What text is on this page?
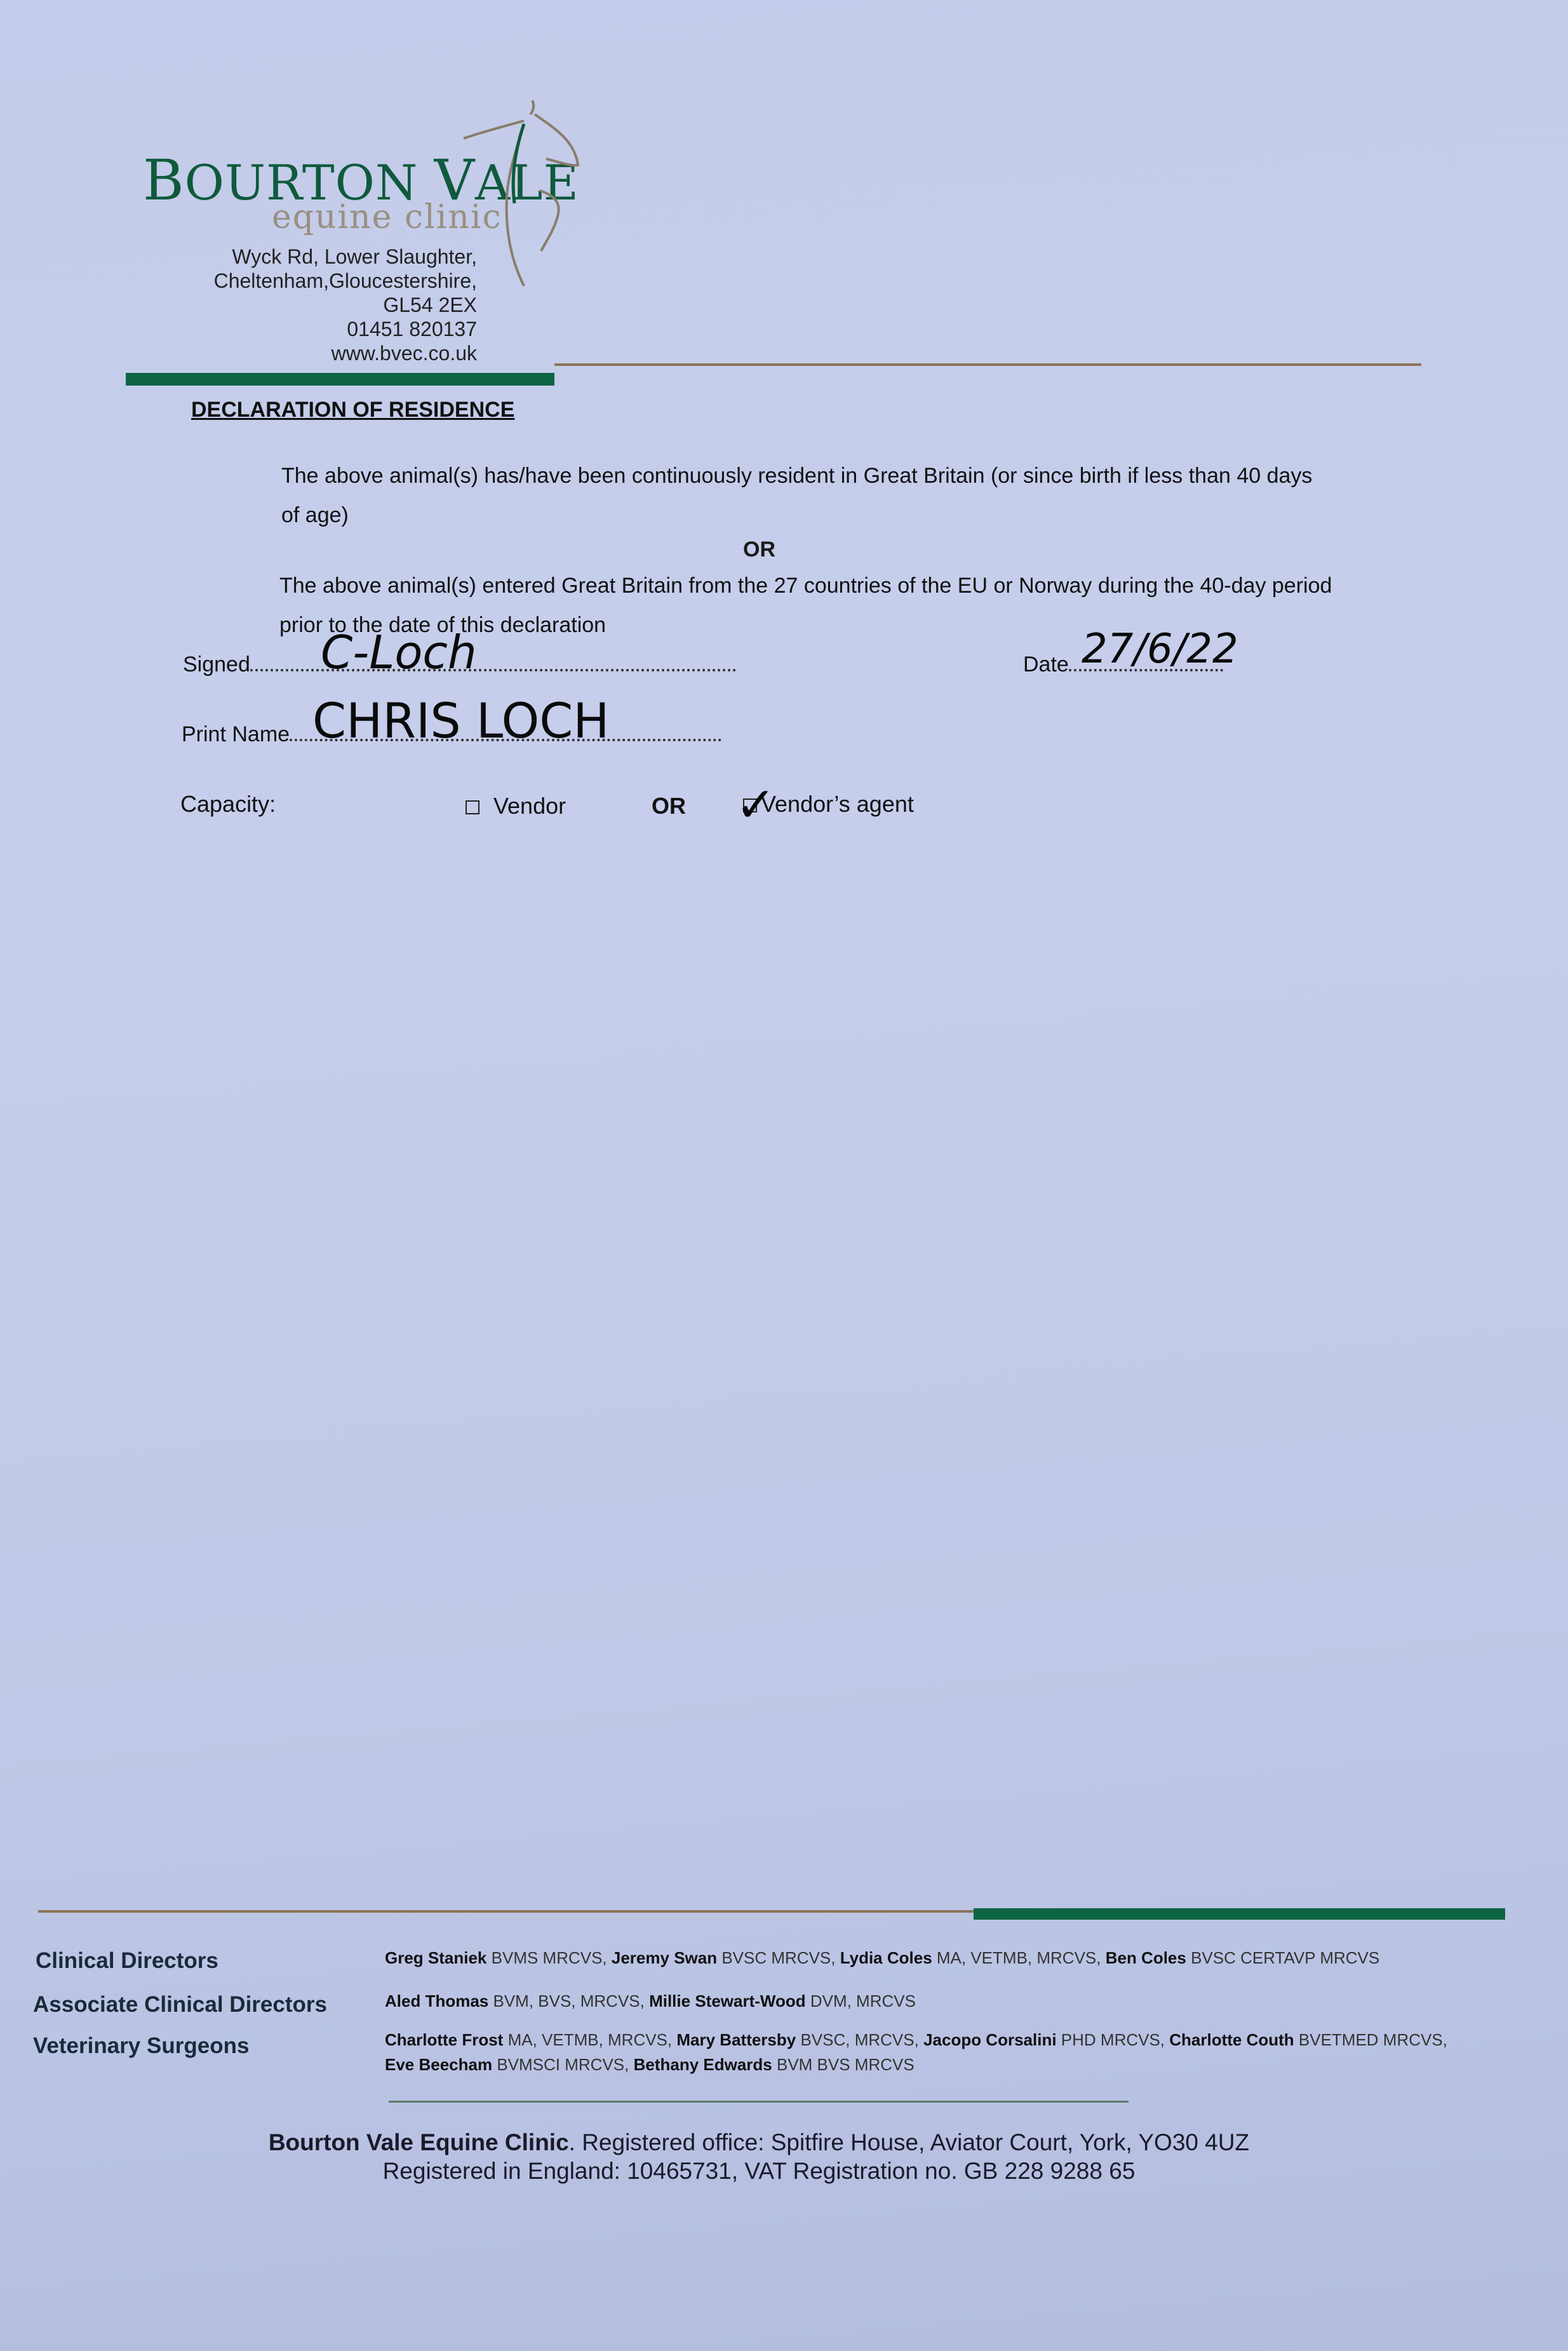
BOURTON VALE
equine clinic
Wyck Rd, Lower Slaughter,
Cheltenham,Gloucestershire,
GL54 2EX
01451 820137
www.bvec.co.uk
DECLARATION OF RESIDENCE
The above animal(s) has/have been continuously resident in Great Britain (or since birth if less than 40 days of age)
OR
The above animal(s) entered Great Britain from the 27 countries of the EU or Norway during the 40-day period prior to the date of this declaration
Signed	C-Loch	Date 27/6/22
Print Name CHRIS LOCH
Capacity:	Vendor	OR	Vendor’s agent
✓
Clinical Directors	Greg Staniek BVMS MRCVS, Jeremy Swan BVSC MRCVS, Lydia Coles MA, VETMB, MRCVS, Ben Coles BVSC CERTAVP MRCVS
Associate Clinical Directors	Aled Thomas BVM, BVS, MRCVS, Millie Stewart-Wood DVM, MRCVS
Veterinary Surgeons	Charlotte Frost MA, VETMB, MRCVS, Mary Battersby BVSC, MRCVS, Jacopo Corsalini PHD MRCVS, Charlotte Couth BVETMED MRCVS,
Eve Beecham BVMSCI MRCVS, Bethany Edwards BVM BVS MRCVS
Bourton Vale Equine Clinic. Registered office: Spitfire House, Aviator Court, York, YO30 4UZ
Registered in England: 10465731, VAT Registration no. GB 228 9288 65
